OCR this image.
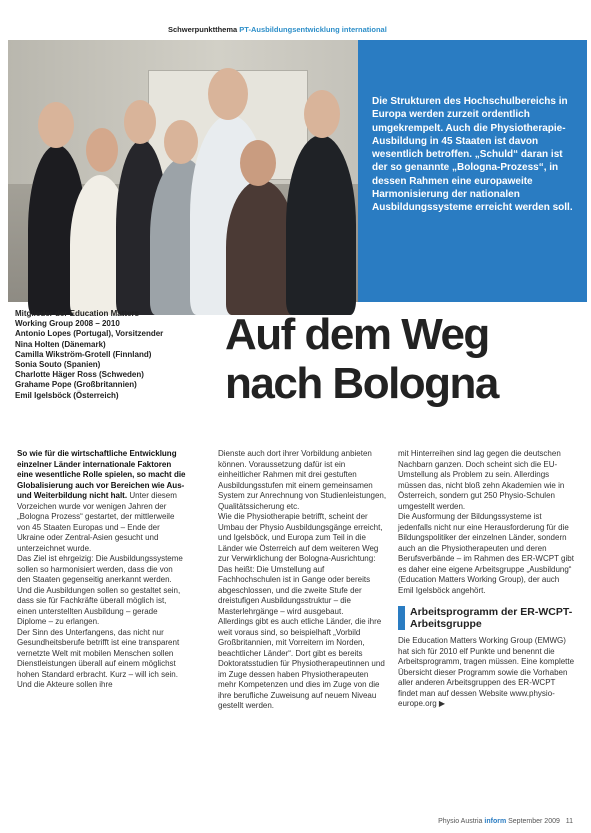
Schwerpunktthema PT-Ausbildungsentwicklung international

Die Strukturen des Hochschulbereichs in Europa werden zurzeit ordentlich umgekrempelt. Auch die Physiotherapie-Ausbildung in 45 Staaten ist davon wesentlich betroffen. „Schuld“ daran ist der so genannte „Bologna-Prozess“, in dessen Rahmen eine europaweite Harmonisierung der nationalen Ausbildungssysteme erreicht werden soll.

Mitglieder der Education Matters
Working Group 2008 – 2010
Antonio Lopes (Portugal), Vorsitzender
Nina Holten (Dänemark)
Camilla Wikström-Grotell (Finnland)
Sonia Souto (Spanien)
Charlotte Häger Ross (Schweden)
Grahame Pope (Großbritannien)
Emil Igelsböck (Österreich)
Auf dem Weg
nach Bologna

So wie für die wirtschaftliche Entwicklung einzelner Länder internationale Faktoren eine wesentliche Rolle spielen, so macht die Globalisierung auch vor Bereichen wie Aus- und Weiterbildung nicht halt. Unter diesem Vorzeichen wurde vor wenigen Jahren der „Bologna Prozess“ gestartet, der mittlerweile von 45 Staaten Europas und – Ende der Ukraine oder Zentral-Asien gesucht und unterzeichnet wurde.

Das Ziel ist ehrgeizig: Die Ausbildungssysteme sollen so harmonisiert werden, dass die von den Staaten gegenseitig anerkannt werden. Und die Ausbildungen sollen so gestaltet sein, dass sie für Fachkräfte überall möglich ist, einen unterstellten Ausbildung – gerade Diplome – zu erlangen.

Der Sinn des Unterfangens, das nicht nur Gesundheitsberufe betrifft ist eine transparent vernetzte Welt mit mobilen Menschen sollen Dienstleistungen überall auf einem möglichst hohen Standard erbracht. Kurz – will ich sein. Und die Akteure sollen ihre

Dienste auch dort ihrer Vorbildung anbieten können. Voraussetzung dafür ist ein einheitlicher Rahmen mit drei gestuften Ausbildungsstufen mit einem gemeinsamen System zur Anrechnung von Studienleistungen, Qualitätssicherung etc.

Wie die Physiotherapie betrifft, scheint der Umbau der Physio Ausbildungsgänge erreicht, und Igelsböck, und Europa zum Teil in die Länder wie Österreich auf dem weiteren Weg zur Verwirklichung der Bologna-Ausrichtung: Das heißt: Die Umstellung auf Fachhochschulen ist in Gange oder bereits abgeschlossen, und die zweite Stufe der dreistufigen Ausbildungsstruktur – die Masterlehrgänge – wird ausgebaut.

Allerdings gibt es auch etliche Länder, die ihre weit voraus sind, so beispielhaft „Vorbild Großbritannien, mit Vorreitern im Norden, beachtlicher Länder“. Dort gibt es bereits Doktoratsstudien für Physiotherapeutinnen und im Zuge dessen haben Physiotherapeuten mehr Kompetenzen und dies im Zuge von die ihre berufliche Zuweisung auf neuem Niveau gestellt werden.

mit Hinterreihen sind lag gegen die deutschen Nachbarn ganzen. Doch scheint sich die EU-Umstellung als Problem zu sein. Allerdings müssen das, nicht bloß zehn Akademien wie in Österreich, sondern gut 250 Physio-Schulen umgestellt werden.

Die Ausformung der Bildungssysteme ist jedenfalls nicht nur eine Herausforderung für die Bildungspolitiker der einzelnen Länder, sondern auch an die Physiotherapeuten und deren Berufsverbände – im Rahmen des ER-WCPT gibt es daher eine eigene Arbeitsgruppe „Ausbildung“ (Education Matters Working Group), der auch Emil Igelsböck angehört.

Arbeitsprogramm der ER-WCPT-Arbeitsgruppe

Die Education Matters Working Group (EMWG) hat sich für 2010 elf Punkte und benennt die Arbeitsprogramm, tragen müssen. Eine komplette Übersicht dieser Programm sowie die Vorhaben aller anderen Arbeitsgruppen des ER-WCPT findet man auf dessen Website www.physio-europe.org ▶

Physio Austria inform September 2009 11
